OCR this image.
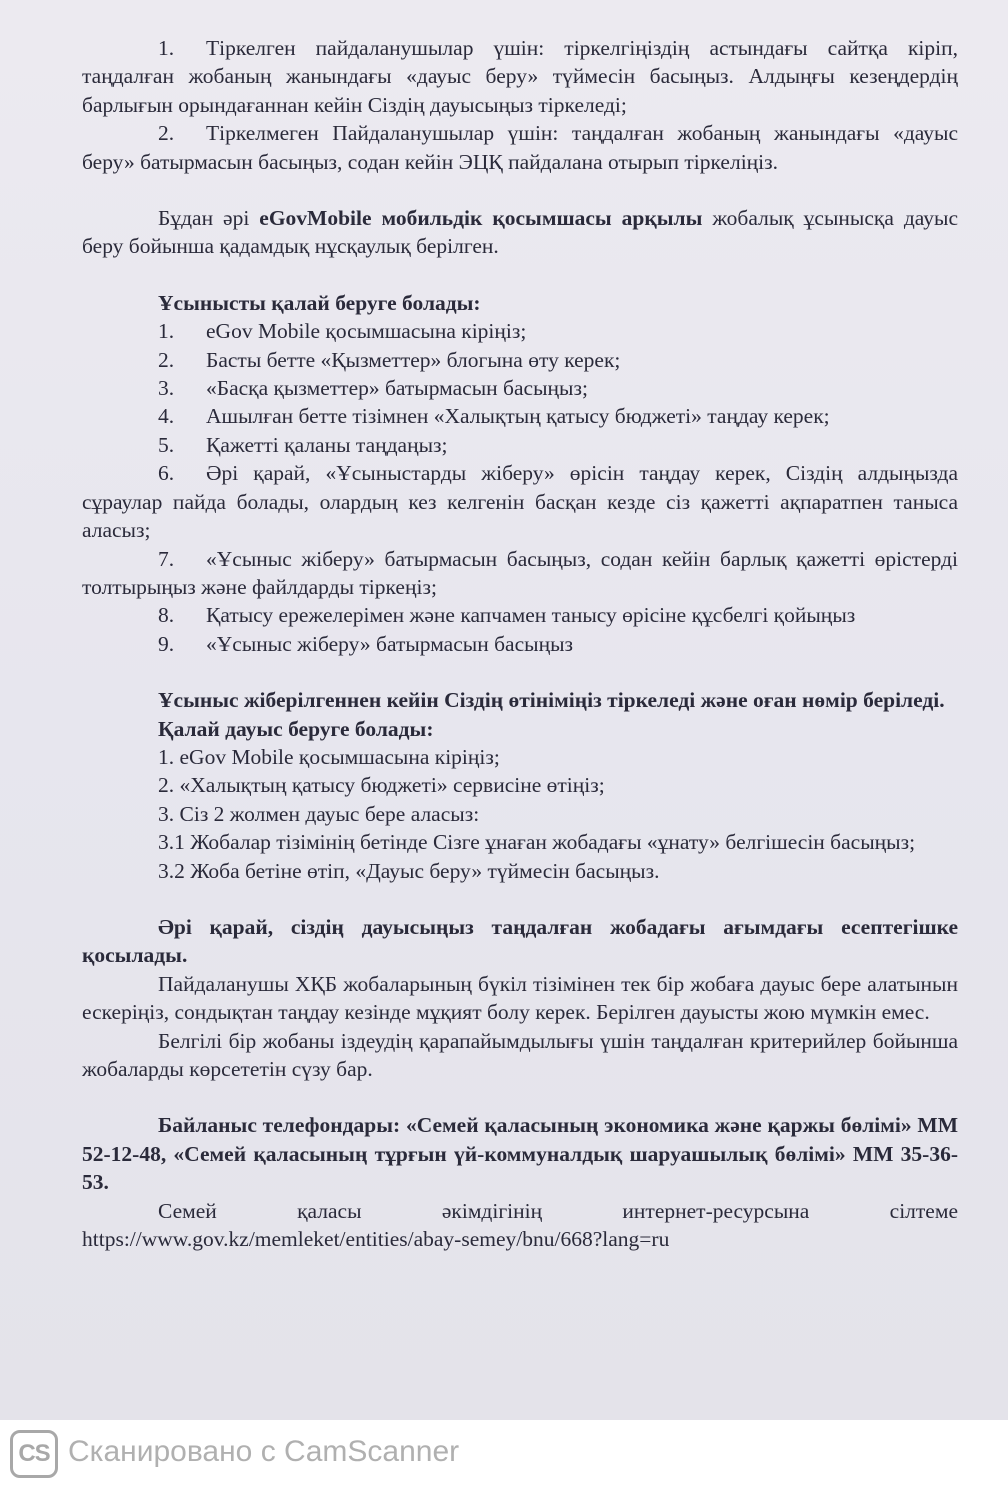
1.	Тіркелген пайдаланушылар үшін: тіркелгіңіздің астындағы сайтқа кіріп, таңдалған жобаның жанындағы «дауыс беру» түймесін басыңыз. Алдыңғы кезеңдердің барлығын орындағаннан кейін Сіздің дауысыңыз тіркеледі;
2.	Тіркелмеген Пайдаланушылар үшін: таңдалған жобаның жанындағы «дауыс беру» батырмасын басыңыз, содан кейін ЭЦҚ пайдалана отырып тіркеліңіз.

Бұдан әрі eGovMobile мобильдік қосымшасы арқылы жобалық ұсынысқа дауыс беру бойынша қадамдық нұсқаулық берілген.

Ұсынысты қалай беруге болады:

1.	eGov Mobile қосымшасына кіріңіз;
2.	Басты бетте «Қызметтер» блогына өту керек;
3.	«Басқа қызметтер» батырмасын басыңыз;
4.	Ашылған бетте тізімнен «Халықтың қатысу бюджеті» таңдау керек;
5.	Қажетті қаланы таңдаңыз;

6. Әрі қарай, «Ұсыныстарды жіберу» өрісін таңдау керек, Сіздің алдыңызда сұраулар пайда болады, олардың кез келгенін басқан кезде сіз қажетті ақпаратпен таныса аласыз;

7. «Ұсыныс жіберу» батырмасын басыңыз, содан кейін барлық қажетті өрістерді толтырыңыз және файлдарды тіркеңіз;

8.	Қатысу ережелерімен және капчамен танысу өрісіне құсбелгі қойыңыз
9.	«Ұсыныс жіберу» батырмасын басыңыз

Ұсыныс жіберілгеннен кейін Сіздің өтініміңіз тіркеледі және оған нөмір беріледі.

Қалай дауыс беруге болады:

1. eGov Mobile қосымшасына кіріңіз;

2. «Халықтың қатысу бюджеті» сервисіне өтіңіз;

3. Сіз 2 жолмен дауыс бере аласыз:

3.1 Жобалар тізімінің бетінде Сізге ұнаған жобадағы «ұнату» белгішесін басыңыз;

3.2 Жоба бетіне өтіп, «Дауыс беру» түймесін басыңыз.

Әрі қарай, сіздің дауысыңыз таңдалған жобадағы ағымдағы есептегішке қосылады.

Пайдаланушы ХҚБ жобаларының бүкіл тізімінен тек бір жобаға дауыс бере алатынын ескеріңіз, сондықтан таңдау кезінде мұқият болу керек. Берілген дауысты жою мүмкін емес.

Белгілі бір жобаны іздеудің қарапайымдылығы үшін таңдалған критерийлер бойынша жобаларды көрсететін сүзу бар.

Байланыс телефондары: «Семей қаласының экономика және қаржы бөлімі» ММ 52-12-48, «Семей қаласының тұрғын үй-коммуналдық шаруашылық бөлімі» ММ 35-36-53.

Семей қаласы әкімдігінің интернет-ресурсына сілтеме

https://www.gov.kz/memleket/entities/abay-semey/bnu/668?lang=ru

CS Сканировано с CamScanner
